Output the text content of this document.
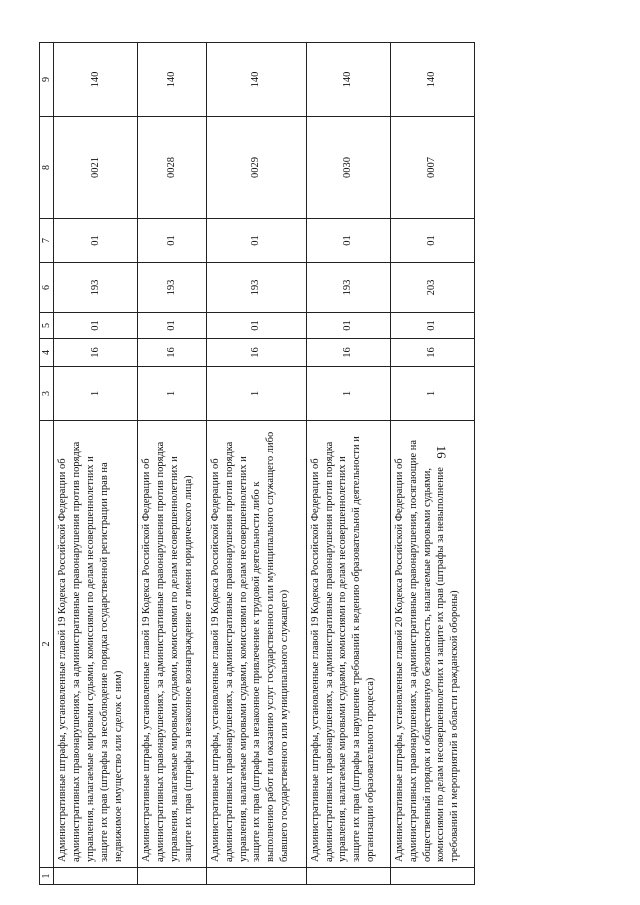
16
1	2	3	4	5	6	7	8	9
	Административные штрафы, установленные главой 19 Кодекса Российской Федерации об административных правонарушениях, за административные правонарушения против порядка управления, налагаемые мировыми судьями, комиссиями по делам несовершеннолетних и защите их прав (штрафы за несоблюдение порядка государственной регистрации прав на недвижимое имущество или сделок с ним)	1	16	01	193	01	0021	140
	Административные штрафы, установленные главой 19 Кодекса Российской Федерации об административных правонарушениях, за административные правонарушения против порядка управления, налагаемые мировыми судьями, комиссиями по делам несовершеннолетних и защите их прав (штрафы за незаконное вознаграждение от имени юридического лица)	1	16	01	193	01	0028	140
	Административные штрафы, установленные главой 19 Кодекса Российской Федерации об административных правонарушениях, за административные правонарушения против порядка управления, налагаемые мировыми судьями, комиссиями по делам несовершеннолетних и защите их прав (штрафы за незаконное привлечение к трудовой деятельности либо к выполнению работ или оказанию услуг государственного или муниципального служащего либо бывшего государственного или муниципального служащего)	1	16	01	193	01	0029	140
	Административные штрафы, установленные главой 19 Кодекса Российской Федерации об административных правонарушениях, за административные правонарушения против порядка управления, налагаемые мировыми судьями, комиссиями по делам несовершеннолетних и защите их прав (штрафы за нарушение требований к ведению образовательной деятельности и организации образовательного процесса)	1	16	01	193	01	0030	140
	Административные штрафы, установленные главой 20 Кодекса Российской Федерации об административных правонарушениях, за административные правонарушения, посягающие на общественный порядок и общественную безопасность, налагаемые мировыми судьями, комиссиями по делам несовершеннолетних и защите их прав (штрафы за невыполнение требований и мероприятий в области гражданской обороны)	1	16	01	203	01	0007	140
